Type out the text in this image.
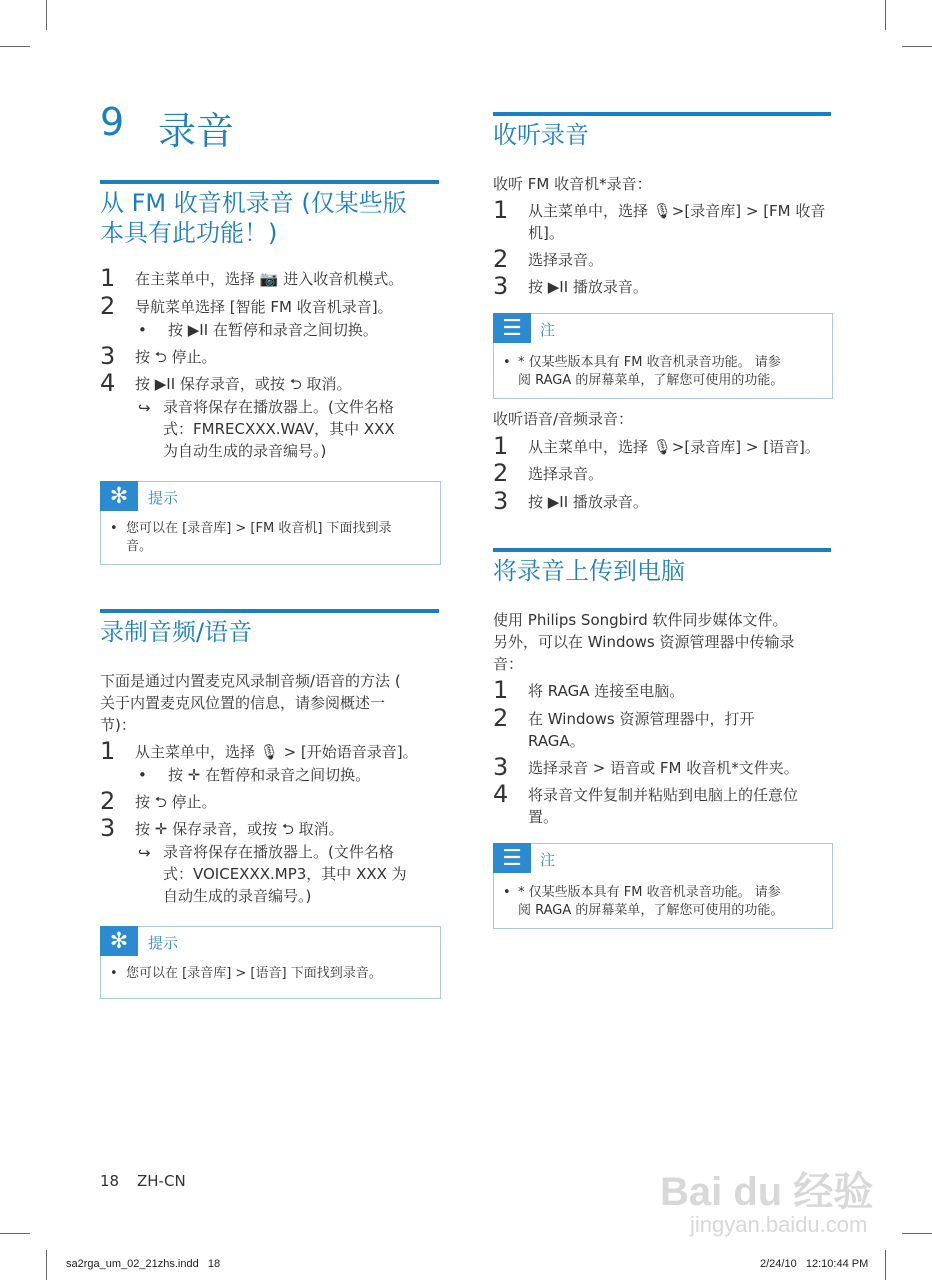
9 录音
从 FM 收音机录音 (仅某些版
本具有此功能！)
1 在主菜单中，选择 📷 进入收音机模式。
2 导航菜单选择 [智能 FM 收音机录音]。
• 按 ▶II 在暂停和录音之间切换。
3 按 ⮌ 停止。
4 按 ▶II 保存录音，或按 ⮌ 取消。
↪ 录音将保存在播放器上。(文件名格
式：FMRECXXX.WAV，其中 XXX
为自动生成的录音编号。)
✻	提示
• 您可以在 [录音库] > [FM 收音机] 下面找到录
音。
录制音频/语音
下面是通过内置麦克风录制音频/语音的方法 (
关于内置麦克风位置的信息，请参阅概述一
节)：
1 从主菜单中，选择 🎙 > [开始语音录音]。
• 按 ✛ 在暂停和录音之间切换。
2 按 ⮌ 停止。
3 按 ✛ 保存录音，或按 ⮌ 取消。
↪ 录音将保存在播放器上。(文件名格
式：VOICEXXX.MP3，其中 XXX 为
自动生成的录音编号。)
✻	提示
• 您可以在 [录音库] > [语音] 下面找到录音。
18 ZH-CN
收听录音
收听 FM 收音机*录音：
1 从主菜单中，选择 🎙>[录音库] > [FM 收音
机]。
2 选择录音。
3 按 ▶II 播放录音。
☰	注
• * 仅某些版本具有 FM 收音机录音功能。 请参
阅 RAGA 的屏幕菜单，了解您可使用的功能。
收听语音/音频录音：
1 从主菜单中，选择 🎙>[录音库] > [语音]。
2 选择录音。
3 按 ▶II 播放录音。
将录音上传到电脑
使用 Philips Songbird 软件同步媒体文件。
另外，可以在 Windows 资源管理器中传输录
音：
1 将 RAGA 连接至电脑。
2 在 Windows 资源管理器中，打开
RAGA。
3 选择录音 > 语音或 FM 收音机*文件夹。
4 将录音文件复制并粘贴到电脑上的任意位
置。
☰	注
• * 仅某些版本具有 FM 收音机录音功能。 请参
阅 RAGA 的屏幕菜单，了解您可使用的功能。
Bai du 经验
jingyan.baidu.com
sa2rga_um_02_21zhs.indd   18	2/24/10   12:10:44 PM
